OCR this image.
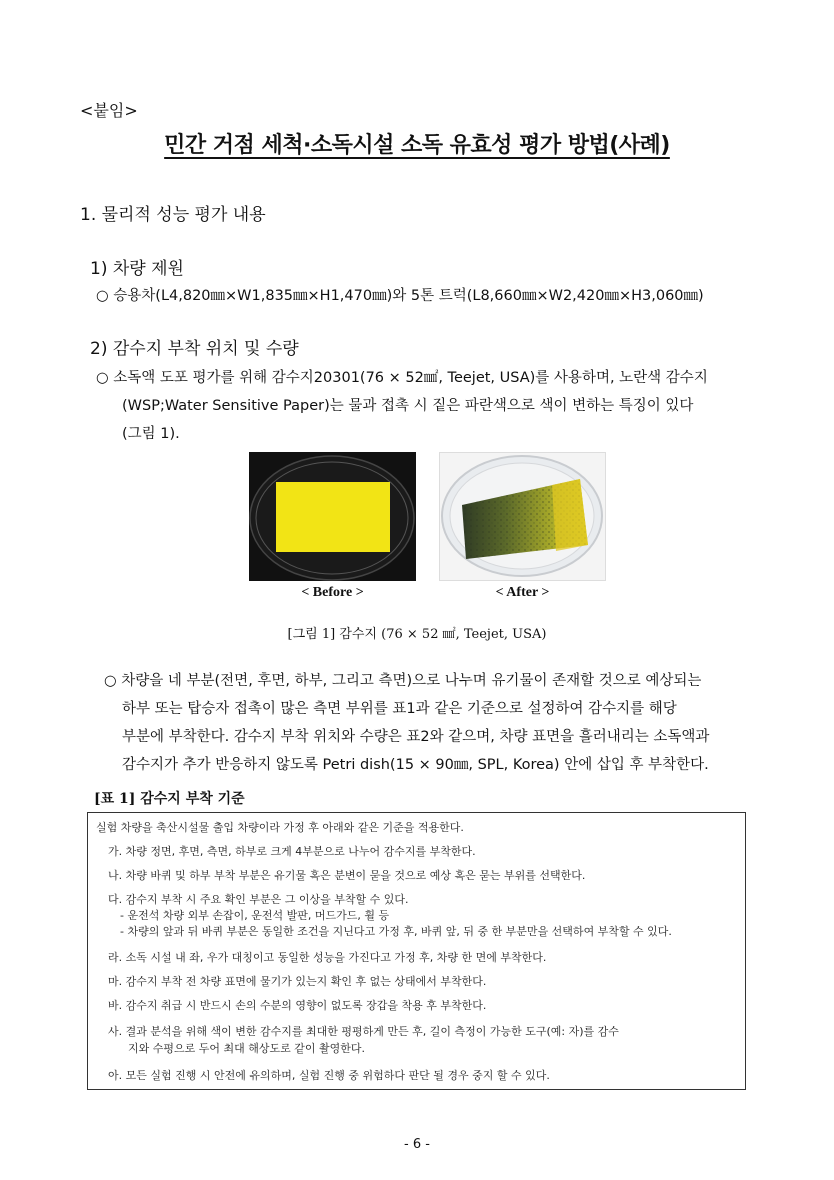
<붙임>
민간 거점 세척·소독시설 소독 유효성 평가 방법(사례)
1. 물리적 성능 평가 내용
1) 차량 제원
○ 승용차(L4,820㎜×W1,835㎜×H1,470㎜)와 5톤 트럭(L8,660㎜×W2,420㎜×H3,060㎜)
2) 감수지 부착 위치 및 수량
○ 소독액 도포 평가를 위해 감수지20301(76 × 52㎟, Teejet, USA)를 사용하며, 노란색 감수지
(WSP;Water Sensitive Paper)는 물과 접촉 시 짙은 파란색으로 색이 변하는 특징이 있다
(그림 1).
< Before >	< After >
[그림 1] 감수지 (76 × 52 ㎟, Teejet, USA)
○ 차량을 네 부분(전면, 후면, 하부, 그리고 측면)으로 나누며 유기물이 존재할 것으로 예상되는
하부 또는 탑승자 접촉이 많은 측면 부위를 표1과 같은 기준으로 설정하여 감수지를 해당
부분에 부착한다. 감수지 부착 위치와 수량은 표2와 같으며, 차량 표면을 흘러내리는 소독액과
감수지가 추가 반응하지 않도록 Petri dish(15 × 90㎜, SPL, Korea) 안에 삽입 후 부착한다.
[표 1] 감수지 부착 기준
실험 차량을 축산시설물 출입 차량이라 가정 후 아래와 같은 기준을 적용한다.
가. 차량 정면, 후면, 측면, 하부로 크게 4부분으로 나누어 감수지를 부착한다.
나. 차량 바퀴 및 하부 부착 부분은 유기물 혹은 분변이 묻을 것으로 예상 혹은 묻는 부위를 선택한다.
다. 감수지 부착 시 주요 확인 부분은 그 이상을 부착할 수 있다.
- 운전석 차량 외부 손잡이, 운전석 발판, 머드가드, 휠 등
- 차량의 앞과 뒤 바퀴 부분은 동일한 조건을 지닌다고 가정 후, 바퀴 앞, 뒤 중 한 부분만을 선택하여 부착할 수 있다.
라. 소독 시설 내 좌, 우가 대칭이고 동일한 성능을 가진다고 가정 후, 차량 한 면에 부착한다.
마. 감수지 부착 전 차량 표면에 물기가 있는지 확인 후 없는 상태에서 부착한다.
바. 감수지 취급 시 반드시 손의 수분의 영향이 없도록 장갑을 착용 후 부착한다.
사. 결과 분석을 위해 색이 변한 감수지를 최대한 평평하게 만든 후, 길이 측정이 가능한 도구(예: 자)를 감수
지와 수평으로 두어 최대 해상도로 같이 촬영한다.
아. 모든 실험 진행 시 안전에 유의하며, 실험 진행 중 위험하다 판단 될 경우 중지 할 수 있다.
- 6 -
